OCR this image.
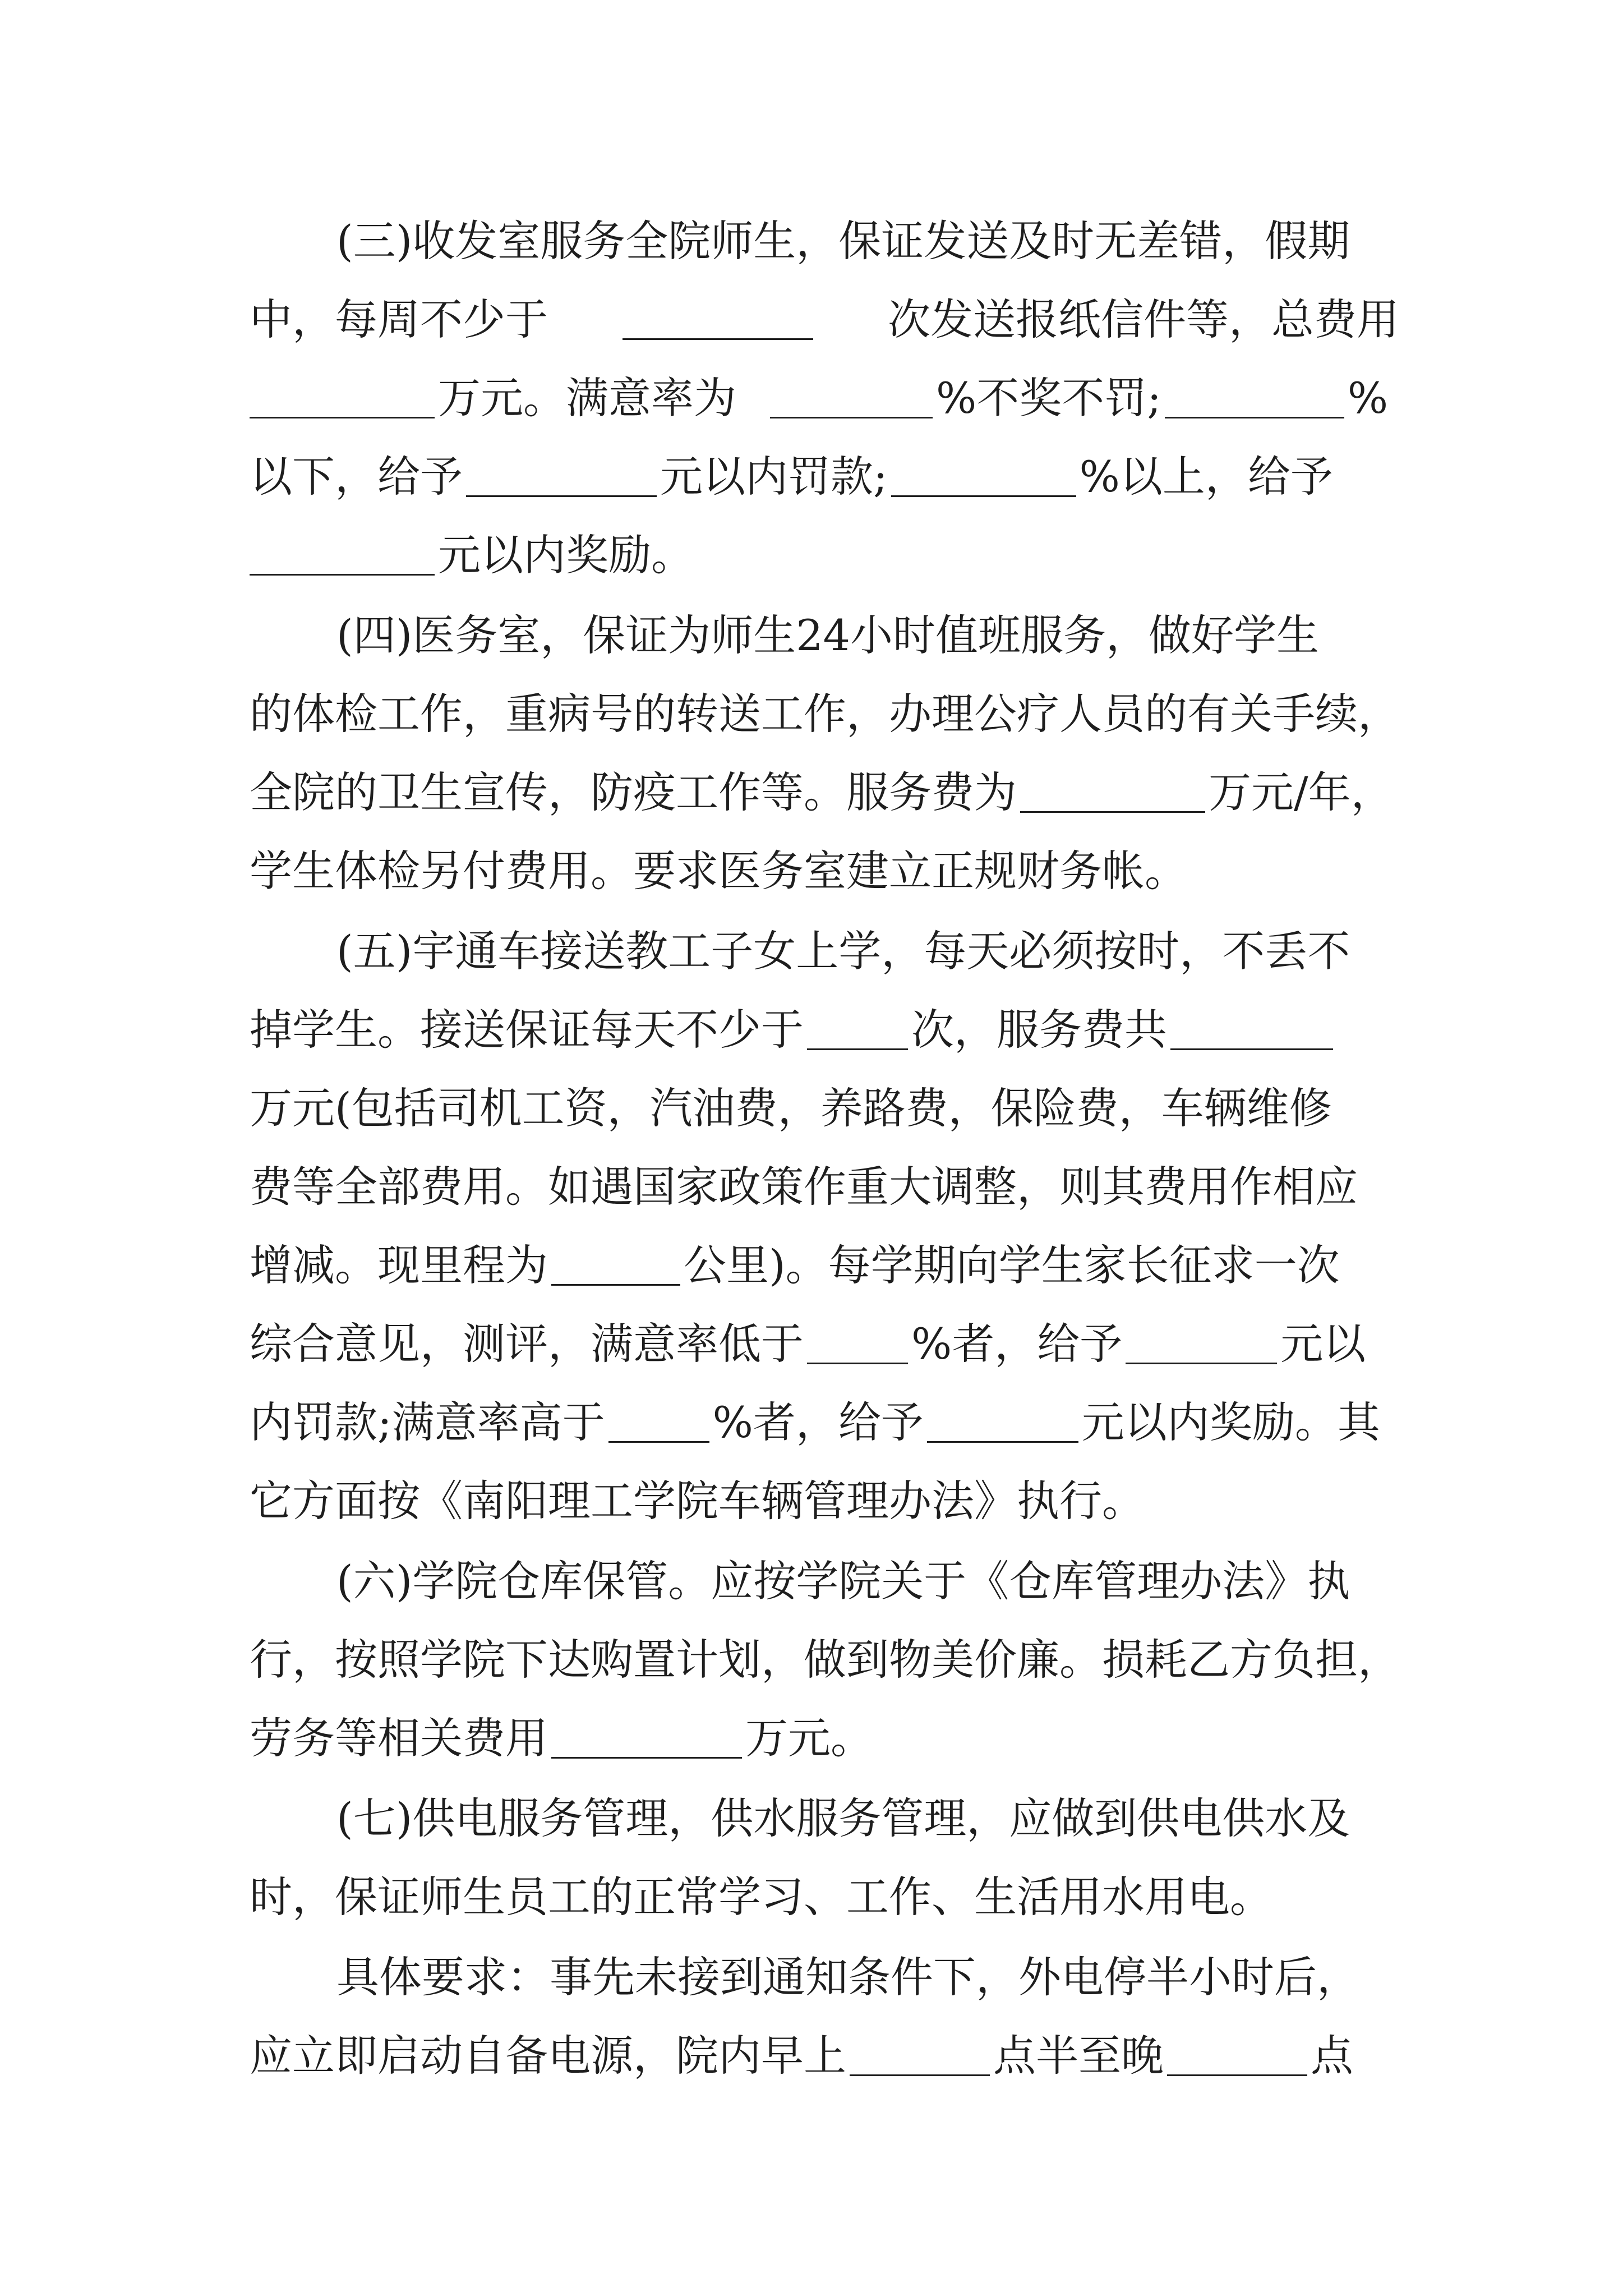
(三)收发室服务全院师生，保证发送及时无差错，假期
中，每周不少于	次发送报纸信件等，总费用
万元。满意率为	%不奖不罚;	%
以下，给予	元以内罚款;	%以上，给予
元以内奖励。
(四)医务室，保证为师生24小时值班服务，做好学生
的体检工作，重病号的转送工作，办理公疗人员的有关手续，
全院的卫生宣传，防疫工作等。服务费为	万元/年，
学生体检另付费用。要求医务室建立正规财务帐。
(五)宇通车接送教工子女上学，每天必须按时，不丢不
掉学生。接送保证每天不少于	次，服务费共
万元(包括司机工资，汽油费，养路费，保险费，车辆维修
费等全部费用。如遇国家政策作重大调整，则其费用作相应
增减。现里程为	公里)。每学期向学生家长征求一次
综合意见，测评，满意率低于	%者，给予	元以
内罚款;满意率高于	%者，给予	元以内奖励。其
它方面按《南阳理工学院车辆管理办法》执行。
(六)学院仓库保管。应按学院关于《仓库管理办法》执
行，按照学院下达购置计划，做到物美价廉。损耗乙方负担，
劳务等相关费用	万元。
(七)供电服务管理，供水服务管理，应做到供电供水及
时，保证师生员工的正常学习、工作、生活用水用电。
具体要求：事先未接到通知条件下，外电停半小时后，
应立即启动自备电源，院内早上	点半至晚	点
